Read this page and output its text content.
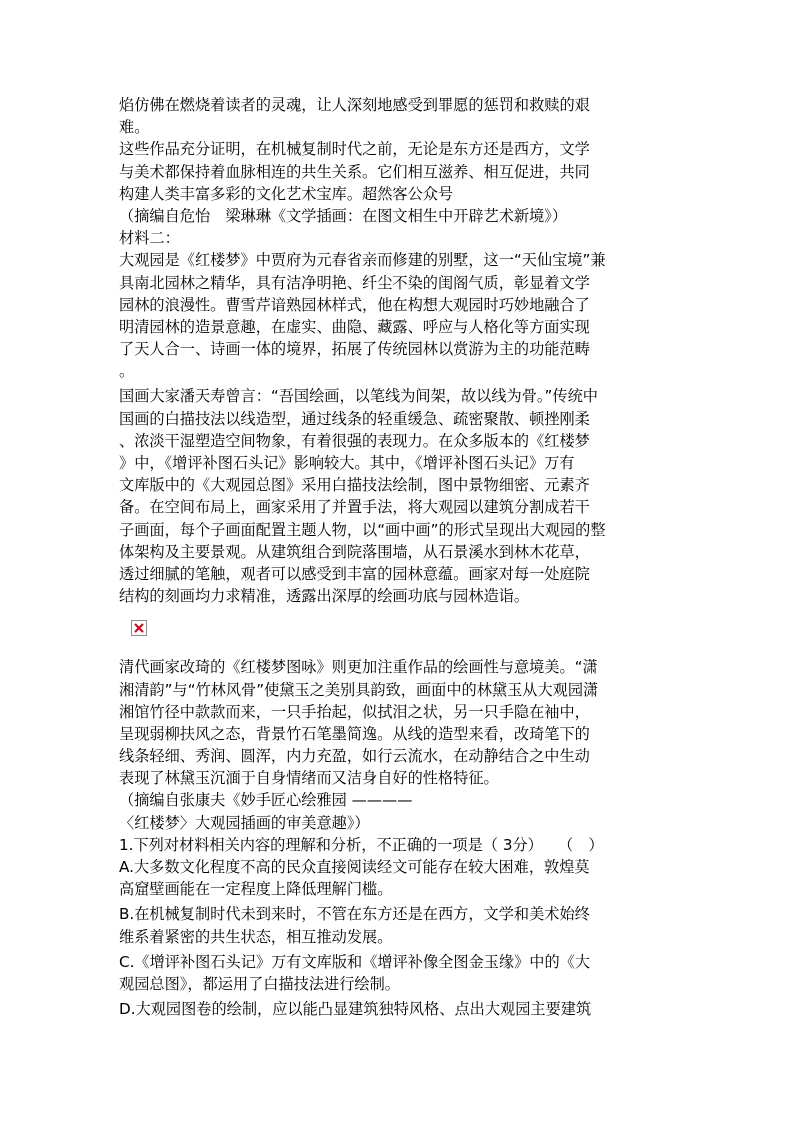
焰仿佛在燃烧着读者的灵魂，让人深刻地感受到罪愿的惩罚和救赎的艰
难。
这些作品充分证明，在机械复制时代之前，无论是东方还是西方，文学
与美术都保持着血脉相连的共生关系。它们相互滋养、相互促进，共同
构建人类丰富多彩的文化艺术宝库。超然客公众号
（摘编自危怡　梁琳琳《文学插画：在图文相生中开辟艺术新境》）
材料二：
大观园是《红楼梦》中贾府为元春省亲而修建的别墅，这一“天仙宝境”兼
具南北园林之精华，具有洁净明艳、纤尘不染的闺阁气质，彰显着文学
园林的浪漫性。曹雪芹谙熟园林样式，他在构想大观园时巧妙地融合了
明清园林的造景意趣，在虚实、曲隐、藏露、呼应与人格化等方面实现
了天人合一、诗画一体的境界，拓展了传统园林以赏游为主的功能范畴
。
国画大家潘天寿曾言：“吾国绘画，以笔线为间架，故以线为骨。”传统中
国画的白描技法以线造型，通过线条的轻重缓急、疏密聚散、顿挫刚柔
、浓淡干湿塑造空间物象，有着很强的表现力。在众多版本的《红楼梦
》中，《增评补图石头记》影响较大。其中，《增评补图石头记》万有
文库版中的《大观园总图》采用白描技法绘制，图中景物细密、元素齐
备。在空间布局上，画家采用了并置手法，将大观园以建筑分割成若干
子画面，每个子画面配置主题人物，以“画中画”的形式呈现出大观园的整
体架构及主要景观。从建筑组合到院落围墙，从石景溪水到林木花草，
透过细腻的笔触，观者可以感受到丰富的园林意蕴。画家对每一处庭院
结构的刻画均力求精准，透露出深厚的绘画功底与园林造诣。
清代画家改琦的《红楼梦图咏》则更加注重作品的绘画性与意境美。“潇
湘清韵”与“竹林风骨”使黛玉之美别具韵致，画面中的林黛玉从大观园潇
湘馆竹径中款款而来，一只手抬起，似拭泪之状，另一只手隐在袖中，
呈现弱柳扶风之态，背景竹石笔墨简逸。从线的造型来看，改琦笔下的
线条轻细、秀润、圆浑，内力充盈，如行云流水，在动静结合之中生动
表现了林黛玉沉湎于自身情绪而又洁身自好的性格特征。
（摘编自张康夫《妙手匠心绘雅园 ————
〈红楼梦〉大观园插画的审美意趣》）
1.下列对材料相关内容的理解和分析，不正确的一项是（ 3分）　　（　）
A.大多数文化程度不高的民众直接阅读经文可能存在较大困难，敦煌莫
高窟壁画能在一定程度上降低理解门槛。
B.在机械复制时代未到来时，不管在东方还是在西方，文学和美术始终
维系着紧密的共生状态，相互推动发展。
C.《增评补图石头记》万有文库版和《增评补像全图金玉缘》中的《大
观园总图》，都运用了白描技法进行绘制。
D.大观园图卷的绘制，应以能凸显建筑独特风格、点出大观园主要建筑
